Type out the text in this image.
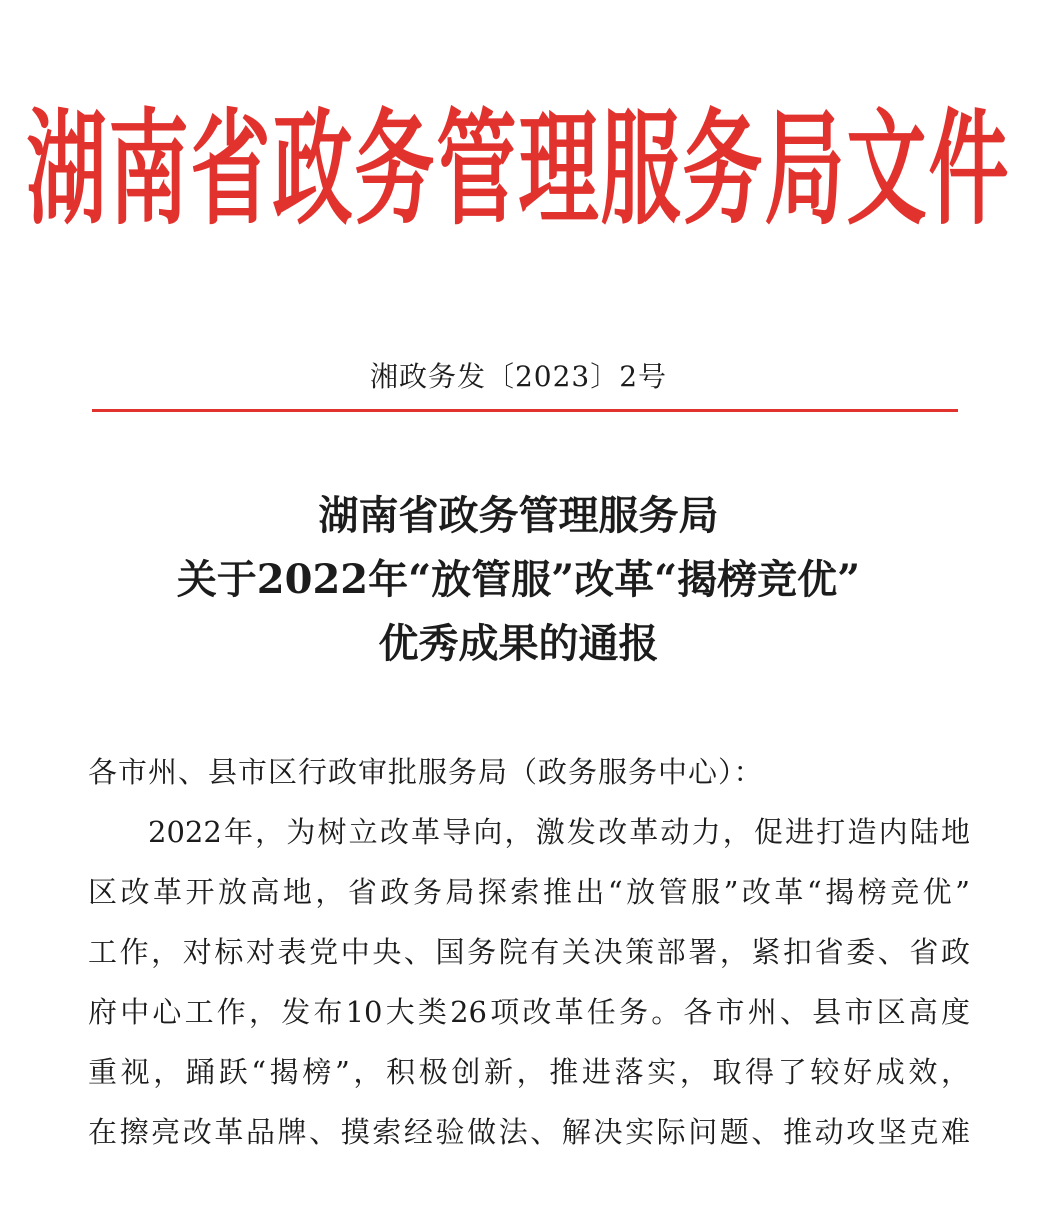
湖南省政务管理服务局文件
湘政务发〔2023〕2号
湖南省政务管理服务局
关于2022年“放管服”改革“揭榜竞优”
优秀成果的通报
各市州、县市区行政审批服务局（政务服务中心）：
2022年，为树立改革导向，激发改革动力，促进打造内陆地
区改革开放高地，省政务局探索推出“放管服”改革“揭榜竞优”
工作，对标对表党中央、国务院有关决策部署，紧扣省委、省政
府中心工作，发布10大类26项改革任务。各市州、县市区高度
重视，踊跃“揭榜”，积极创新，推进落实，取得了较好成效，
在擦亮改革品牌、摸索经验做法、解决实际问题、推动攻坚克难
